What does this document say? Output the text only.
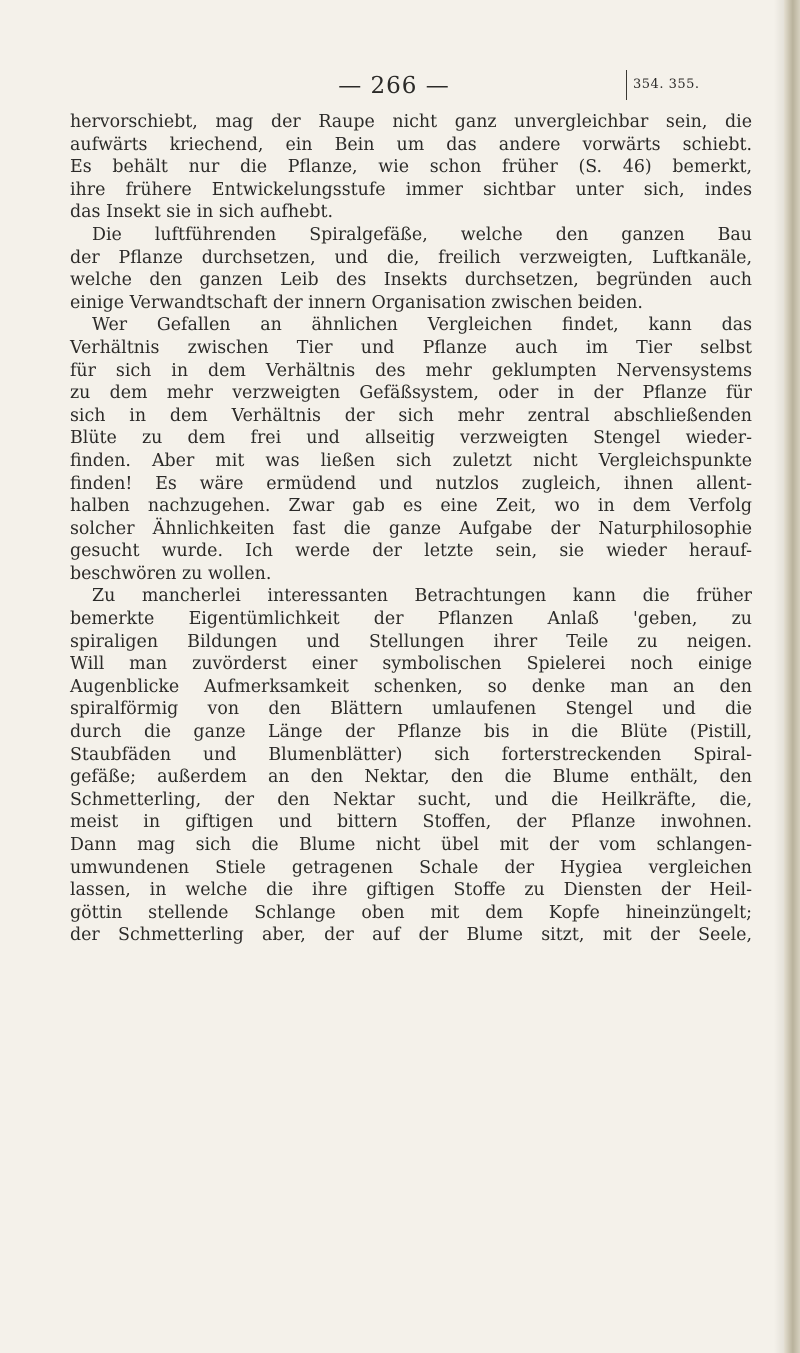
— 266 —	354. 355.
hervorschiebt, mag der Raupe nicht ganz unvergleichbar sein, die
aufwärts kriechend, ein Bein um das andere vorwärts schiebt.
Es behält nur die Pflanze, wie schon früher (S. 46) bemerkt,
ihre frühere Entwickelungsstufe immer sichtbar unter sich, indes
das Insekt sie in sich aufhebt.
Die luftführenden Spiralgefäße, welche den ganzen Bau
der Pflanze durchsetzen, und die, freilich verzweigten, Luftkanäle,
welche den ganzen Leib des Insekts durchsetzen, begründen auch
einige Verwandtschaft der innern Organisation zwischen beiden.
Wer Gefallen an ähnlichen Vergleichen findet, kann das
Verhältnis zwischen Tier und Pflanze auch im Tier selbst
für sich in dem Verhältnis des mehr geklumpten Nervensystems
zu dem mehr verzweigten Gefäßsystem, oder in der Pflanze für
sich in dem Verhältnis der sich mehr zentral abschließenden
Blüte zu dem frei und allseitig verzweigten Stengel wieder-
finden. Aber mit was ließen sich zuletzt nicht Vergleichspunkte
finden! Es wäre ermüdend und nutzlos zugleich, ihnen allent-
halben nachzugehen. Zwar gab es eine Zeit, wo in dem Verfolg
solcher Ähnlichkeiten fast die ganze Aufgabe der Naturphilosophie
gesucht wurde. Ich werde der letzte sein, sie wieder herauf-
beschwören zu wollen.
Zu mancherlei interessanten Betrachtungen kann die früher
bemerkte Eigentümlichkeit der Pflanzen Anlaß 'geben, zu
spiraligen Bildungen und Stellungen ihrer Teile zu neigen.
Will man zuvörderst einer symbolischen Spielerei noch einige
Augenblicke Aufmerksamkeit schenken, so denke man an den
spiralförmig von den Blättern umlaufenen Stengel und die
durch die ganze Länge der Pflanze bis in die Blüte (Pistill,
Staubfäden und Blumenblätter) sich forterstreckenden Spiral-
gefäße; außerdem an den Nektar, den die Blume enthält, den
Schmetterling, der den Nektar sucht, und die Heilkräfte, die,
meist in giftigen und bittern Stoffen, der Pflanze inwohnen.
Dann mag sich die Blume nicht übel mit der vom schlangen-
umwundenen Stiele getragenen Schale der Hygiea vergleichen
lassen, in welche die ihre giftigen Stoffe zu Diensten der Heil-
göttin stellende Schlange oben mit dem Kopfe hineinzüngelt;
der Schmetterling aber, der auf der Blume sitzt, mit der Seele,
